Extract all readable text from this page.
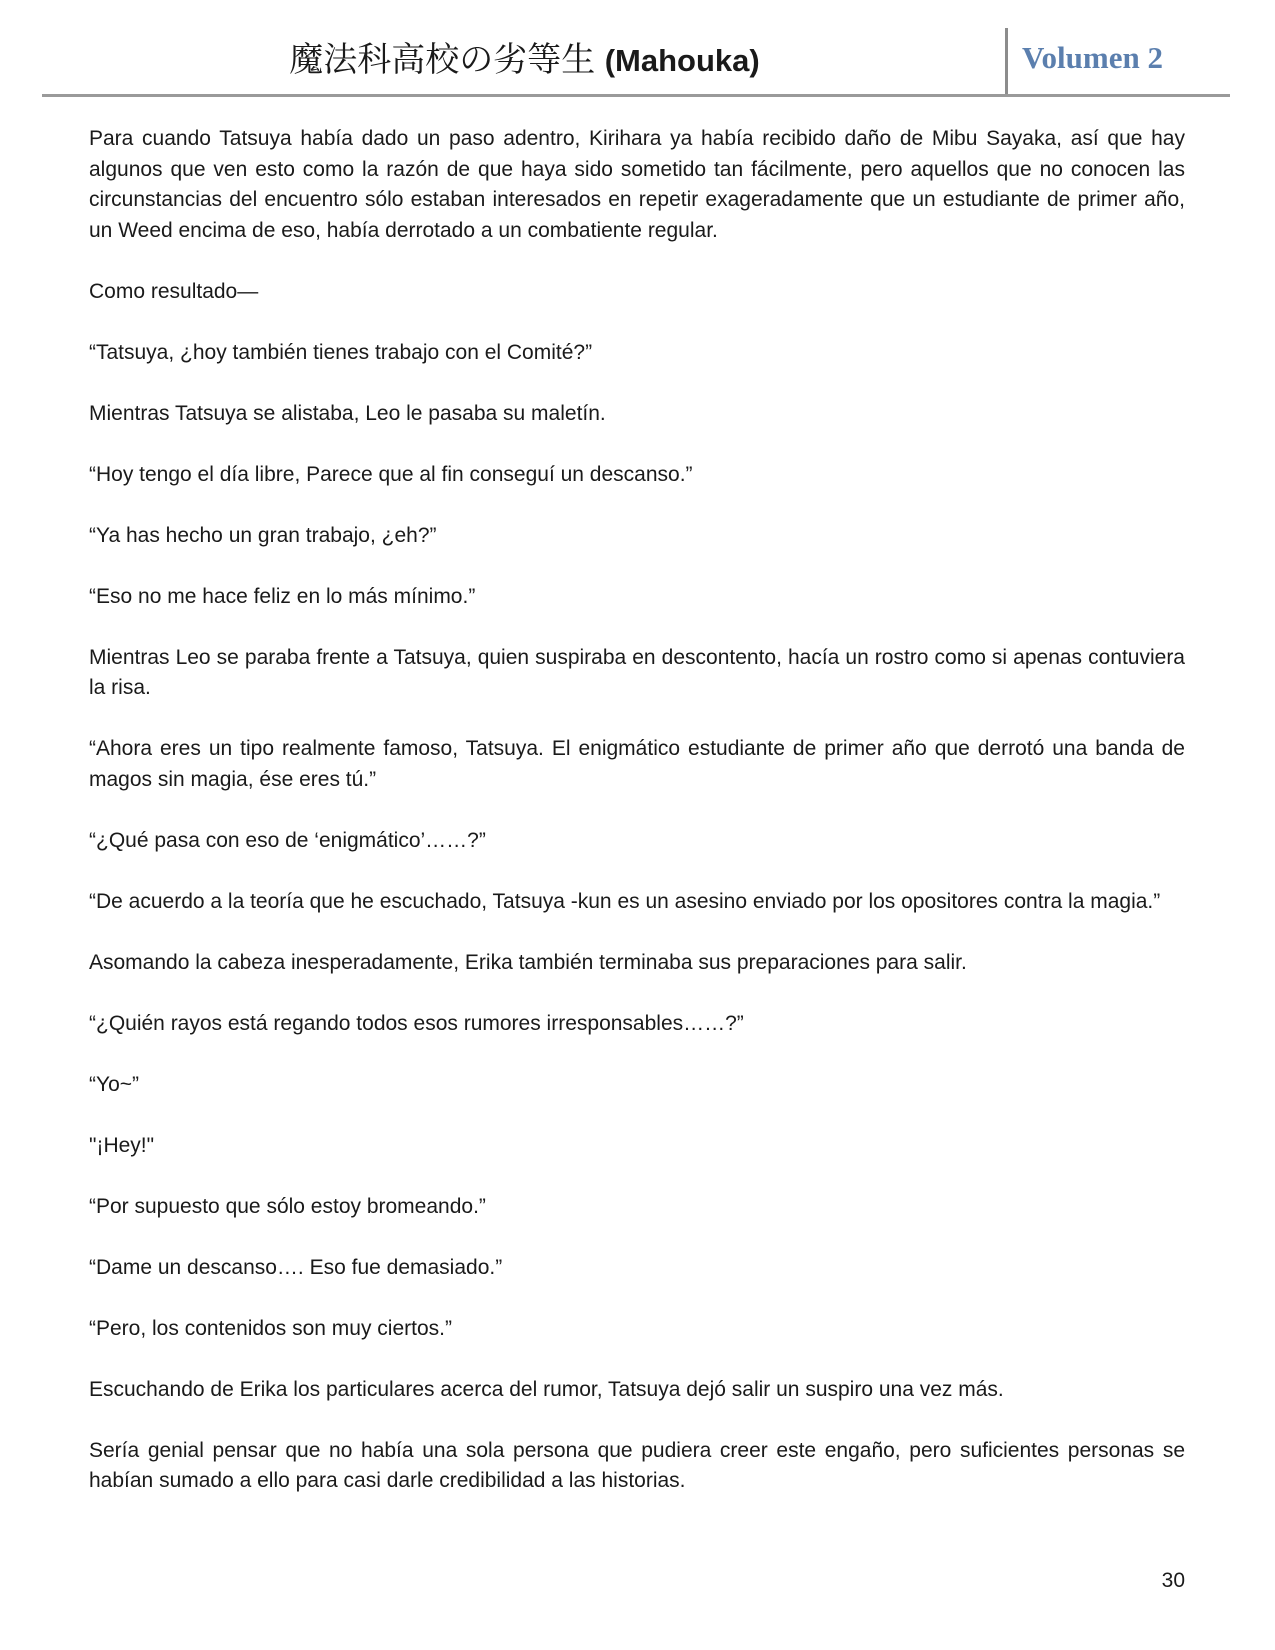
魔法科高校の劣等生 (Mahouka)	Volumen 2

Para cuando Tatsuya había dado un paso adentro, Kirihara ya había recibido daño de Mibu Sayaka, así que hay algunos que ven esto como la razón de que haya sido sometido tan fácilmente, pero aquellos que no conocen las circunstancias del encuentro sólo estaban interesados en repetir exageradamente que un estudiante de primer año, un Weed encima de eso, había derrotado a un combatiente regular.

Como resultado—

“Tatsuya, ¿hoy también tienes trabajo con el Comité?”

Mientras Tatsuya se alistaba, Leo le pasaba su maletín.

“Hoy tengo el día libre, Parece que al fin conseguí un descanso.”

“Ya has hecho un gran trabajo, ¿eh?”

“Eso no me hace feliz en lo más mínimo.”

Mientras Leo se paraba frente a Tatsuya, quien suspiraba en descontento, hacía un rostro como si apenas contuviera la risa.

“Ahora eres un tipo realmente famoso, Tatsuya. El enigmático estudiante de primer año que derrotó una banda de magos sin magia, ése eres tú.”

“¿Qué pasa con eso de ‘enigmático’……?”

“De acuerdo a la teoría que he escuchado, Tatsuya -kun es un asesino enviado por los opositores contra la magia.”

Asomando la cabeza inesperadamente, Erika también terminaba sus preparaciones para salir.

“¿Quién rayos está regando todos esos rumores irresponsables……?”

“Yo~”

"¡Hey!"

“Por supuesto que sólo estoy bromeando.”

“Dame un descanso…. Eso fue demasiado.”

“Pero, los contenidos son muy ciertos.”

Escuchando de Erika los particulares acerca del rumor, Tatsuya dejó salir un suspiro una vez más.

Sería genial pensar que no había una sola persona que pudiera creer este engaño, pero suficientes personas se habían sumado a ello para casi darle credibilidad a las historias.

30
